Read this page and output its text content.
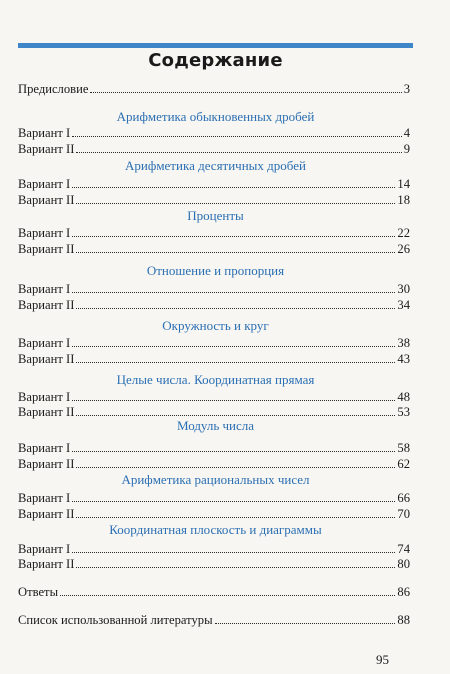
Содержание
Предисловие	3
Арифметика обыкновенных дробей
Вариант I	4
Вариант II	9
Арифметика десятичных дробей
Вариант I	14
Вариант II	18
Проценты
Вариант I	22
Вариант II	26
Отношение и пропорция
Вариант I	30
Вариант II	34
Окружность и круг
Вариант I	38
Вариант II	43
Целые числа. Координатная прямая
Вариант I	48
Вариант II	53
Модуль числа
Вариант I	58
Вариант II	62
Арифметика рациональных чисел
Вариант I	66
Вариант II	70
Координатная плоскость и диаграммы
Вариант I	74
Вариант II	80
Ответы	86
Список использованной литературы	88
95
